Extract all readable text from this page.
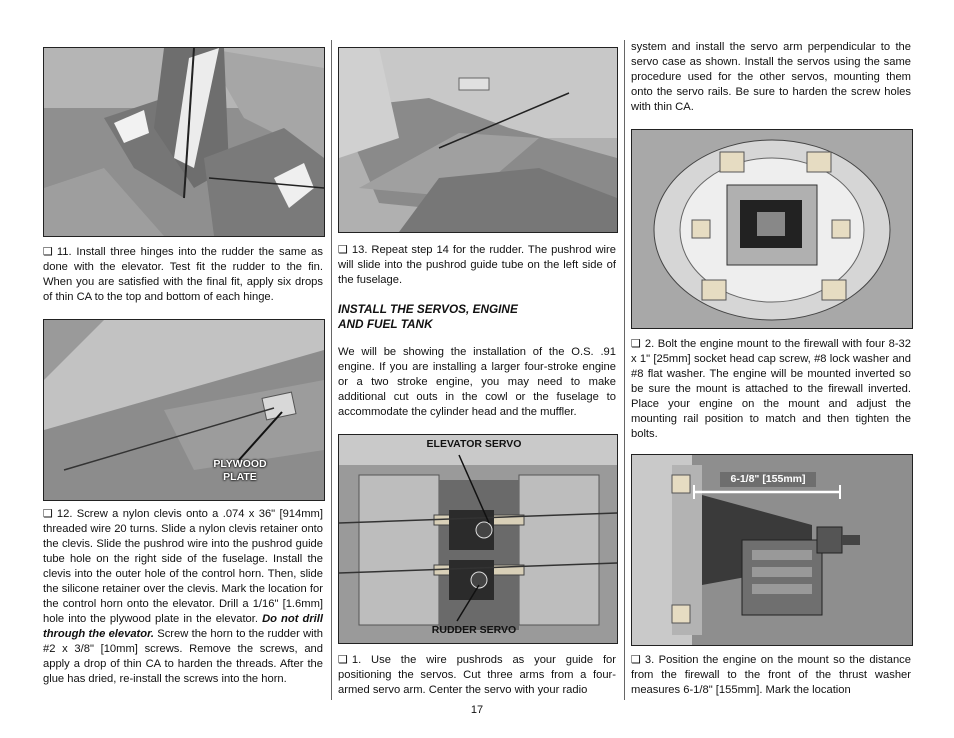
❑ 11. Install three hinges into the rudder the same as done with the elevator. Test fit the rudder to the fin. When you are satisfied with the final fit, apply six drops of thin CA to the top and bottom of each hinge.

PLYWOOD PLATE

❑ 12. Screw a nylon clevis onto a .074 x 36" [914mm] threaded wire 20 turns. Slide a nylon clevis retainer onto the clevis. Slide the pushrod wire into the pushrod guide tube hole on the right side of the fuselage. Install the clevis into the outer hole of the control horn. Then, slide the silicone retainer over the clevis. Mark the location for the control horn onto the elevator. Drill a 1/16" [1.6mm] hole into the plywood plate in the elevator. Do not drill through the elevator. Screw the horn to the rudder with #2 x 3/8" [10mm] screws. Remove the screws, and apply a drop of thin CA to harden the threads. After the glue has dried, re-install the screws into the horn.

❑ 13. Repeat step 14 for the rudder. The pushrod wire will slide into the pushrod guide tube on the left side of the fuselage.

INSTALL THE SERVOS, ENGINE
AND FUEL TANK

We will be showing the installation of the O.S. .91 engine. If you are installing a larger four-stroke engine or a two stroke engine, you may need to make additional cut outs in the cowl or the fuselage to accommodate the cylinder head and the muffler.

ELEVATOR SERVO
RUDDER SERVO

❑ 1. Use the wire pushrods as your guide for positioning the servos. Cut three arms from a four-armed servo arm. Center the servo with your radio

system and install the servo arm perpendicular to the servo case as shown. Install the servos using the same procedure used for the other servos, mounting them onto the servo rails. Be sure to harden the screw holes with thin CA.

❑ 2. Bolt the engine mount to the firewall with four 8-32 x 1" [25mm] socket head cap screw, #8 lock washer and #8 flat washer. The engine will be mounted inverted so be sure the mount is attached to the firewall inverted. Place your engine on the mount and adjust the mounting rail position to match and then tighten the bolts.

6-1/8" [155mm]

❑ 3. Position the engine on the mount so the distance from the firewall to the front of the thrust washer measures 6-1/8" [155mm]. Mark the location

17
